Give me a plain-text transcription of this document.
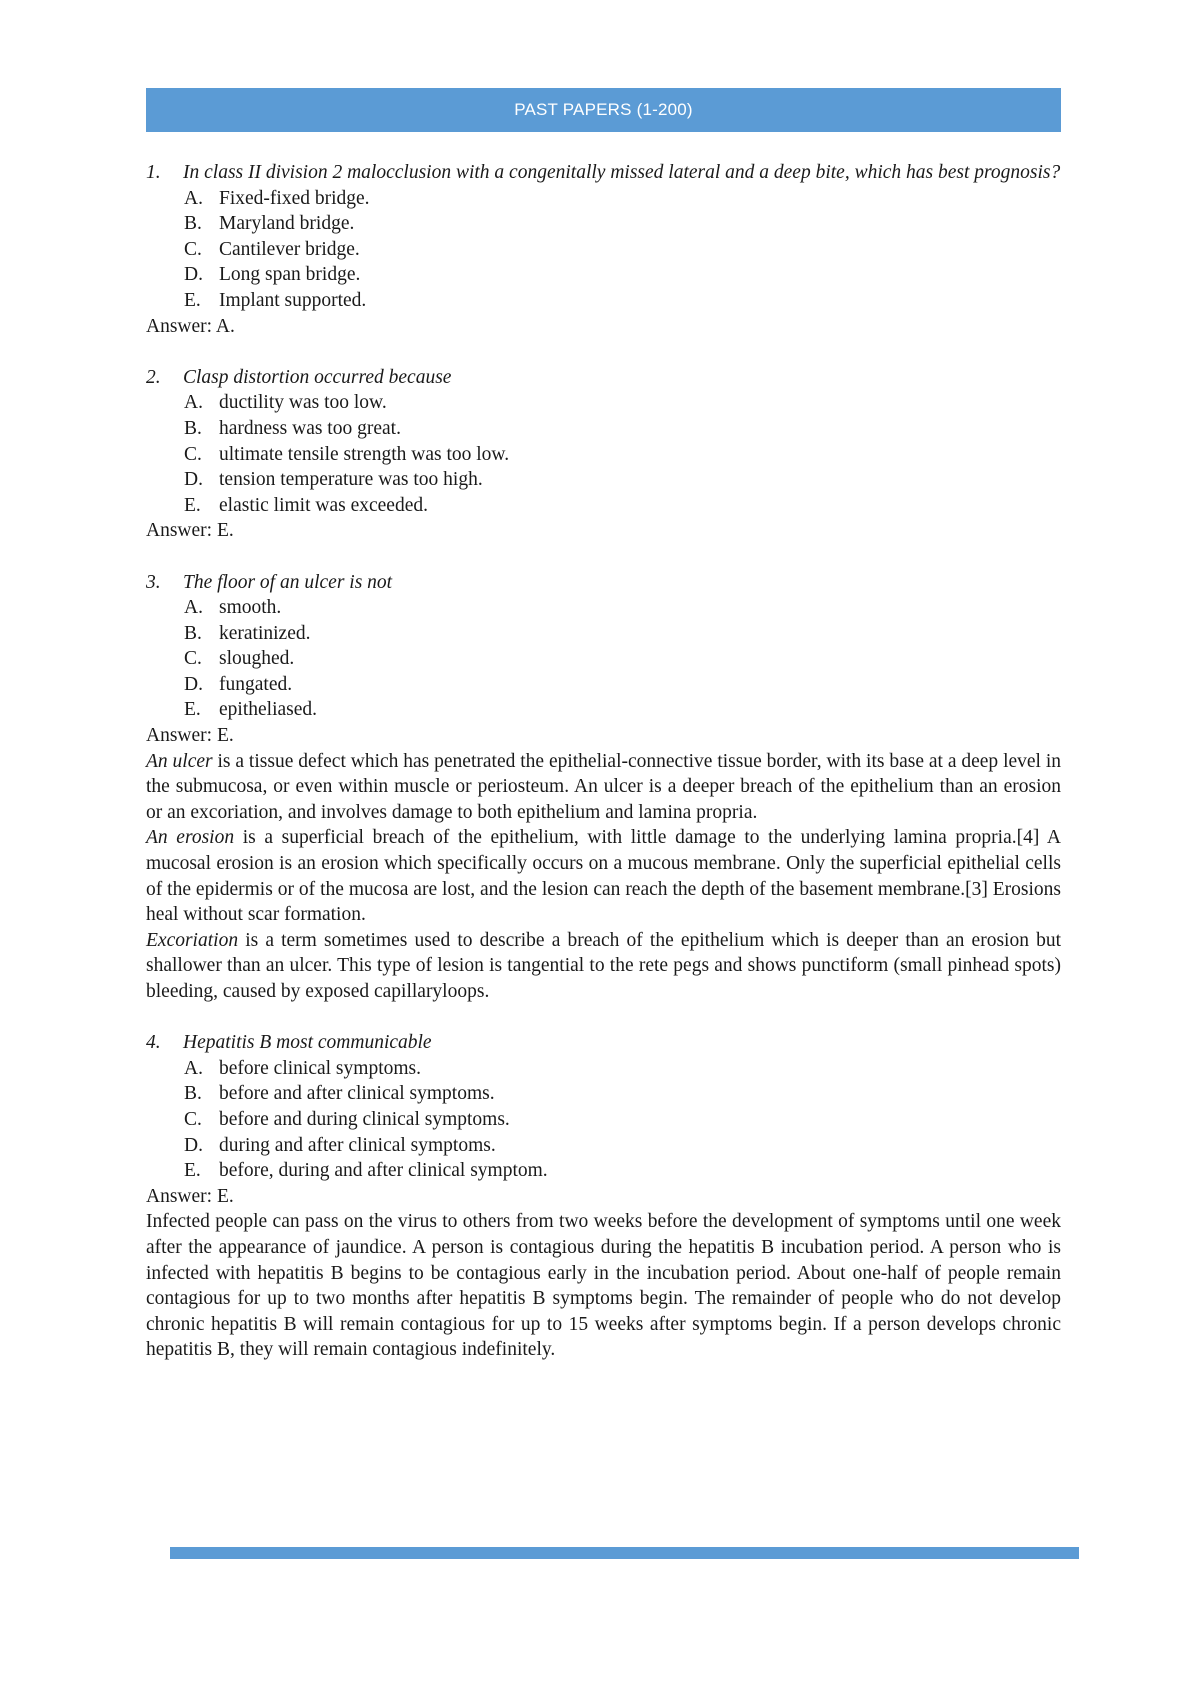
PAST PAPERS (1-200)
1. In class II division 2 malocclusion with a congenitally missed lateral and a deep bite, which has best prognosis?
A. Fixed-fixed bridge.
B. Maryland bridge.
C. Cantilever bridge.
D. Long span bridge.
E. Implant supported.
Answer: A.
2.	Clasp distortion occurred because
A. ductility was too low.
B. hardness was too great.
C. ultimate tensile strength was too low.
D. tension temperature was too high.
E. elastic limit was exceeded.
Answer: E.
3.	The floor of an ulcer is not
A. smooth.
B. keratinized.
C. sloughed.
D. fungated.
E. epitheliased.
Answer: E.
An ulcer is a tissue defect which has penetrated the epithelial-connective tissue border, with its base at a deep level in the submucosa, or even within muscle or periosteum. An ulcer is a deeper breach of the epithelium than an erosion or an excoriation, and involves damage to both epithelium and lamina propria.
An erosion is a superficial breach of the epithelium, with little damage to the underlying lamina propria.[4] A mucosal erosion is an erosion which specifically occurs on a mucous membrane. Only the superficial epithelial cells of the epidermis or of the mucosa are lost, and the lesion can reach the depth of the basement membrane.[3] Erosions heal without scar formation.
Excoriation is a term sometimes used to describe a breach of the epithelium which is deeper than an erosion but shallower than an ulcer. This type of lesion is tangential to the rete pegs and shows punctiform (small pinhead spots) bleeding, caused by exposed capillaryloops.
4.	Hepatitis B most communicable
A. before clinical symptoms.
B. before and after clinical symptoms.
C. before and during clinical symptoms.
D. during and after clinical symptoms.
E. before, during and after clinical symptom.
Answer: E.
Infected people can pass on the virus to others from two weeks before the development of symptoms until one week after the appearance of jaundice. A person is contagious during the hepatitis B incubation period. A person who is infected with hepatitis B begins to be contagious early in the incubation period. About one-half of people remain contagious for up to two months after hepatitis B symptoms begin. The remainder of people who do not develop chronic hepatitis B will remain contagious for up to 15 weeks after symptoms begin. If a person develops chronic hepatitis B, they will remain contagious indefinitely.
